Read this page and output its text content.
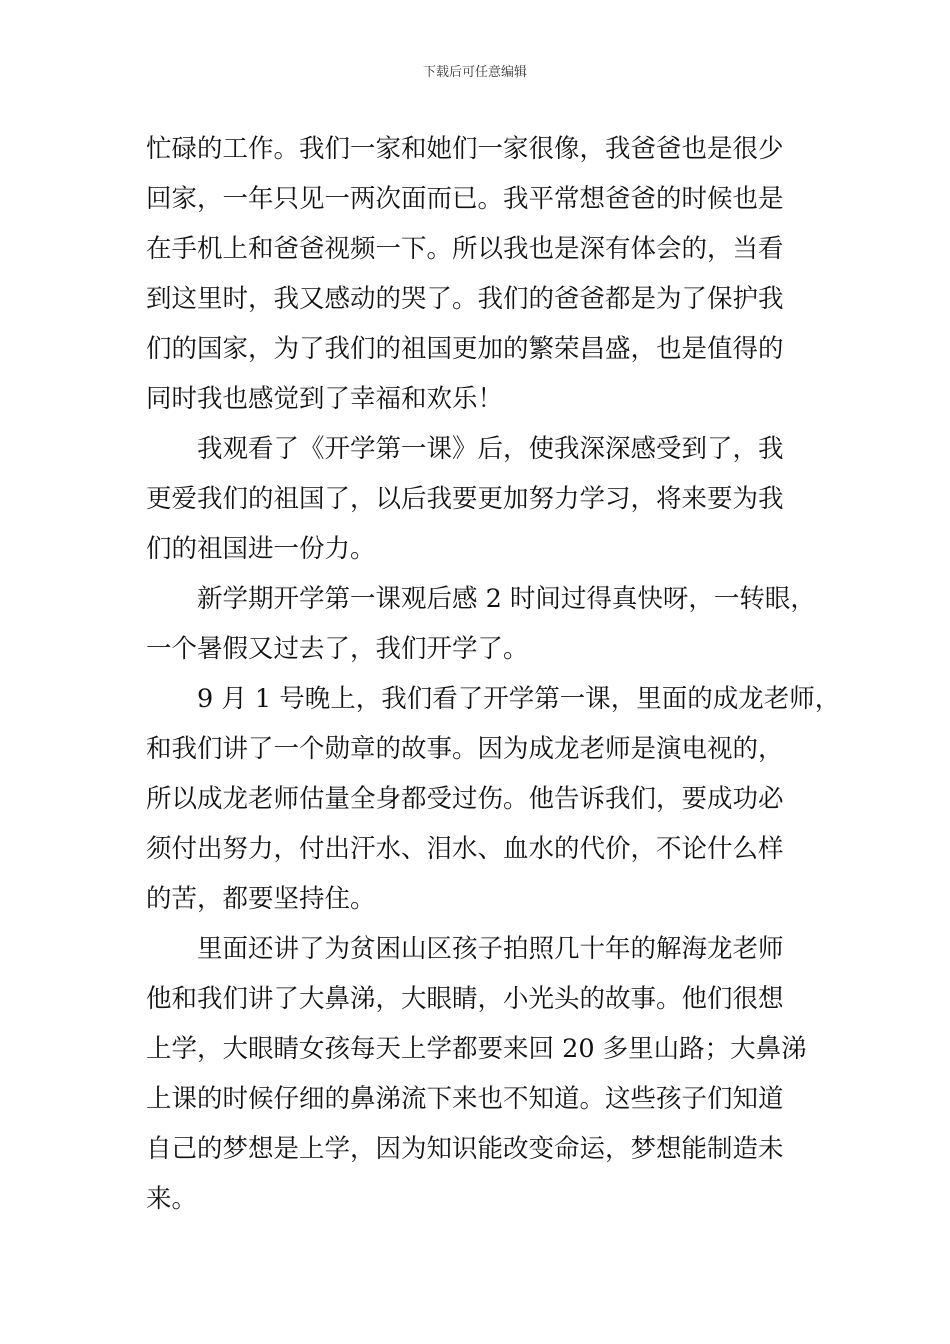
下载后可任意编辑
忙碌的工作。我们一家和她们一家很像，我爸爸也是很少
回家，一年只见一两次面而已。我平常想爸爸的时候也是
在手机上和爸爸视频一下。所以我也是深有体会的，当看
到这里时，我又感动的哭了。我们的爸爸都是为了保护我
们的国家，为了我们的祖国更加的繁荣昌盛，也是值得的
同时我也感觉到了幸福和欢乐！
我观看了《开学第一课》后，使我深深感受到了，我
更爱我们的祖国了，以后我要更加努力学习，将来要为我
们的祖国进一份力。
新学期开学第一课观后感 2 时间过得真快呀，一转眼，
一个暑假又过去了，我们开学了。
9 月 1 号晚上，我们看了开学第一课，里面的成龙老师，
和我们讲了一个勋章的故事。因为成龙老师是演电视的，
所以成龙老师估量全身都受过伤。他告诉我们，要成功必
须付出努力，付出汗水、泪水、血水的代价，不论什么样
的苦，都要坚持住。
里面还讲了为贫困山区孩子拍照几十年的解海龙老师
他和我们讲了大鼻涕，大眼睛，小光头的故事。他们很想
上学，大眼睛女孩每天上学都要来回 20 多里山路；大鼻涕
上课的时候仔细的鼻涕流下来也不知道。这些孩子们知道
自己的梦想是上学，因为知识能改变命运，梦想能制造未
来。
